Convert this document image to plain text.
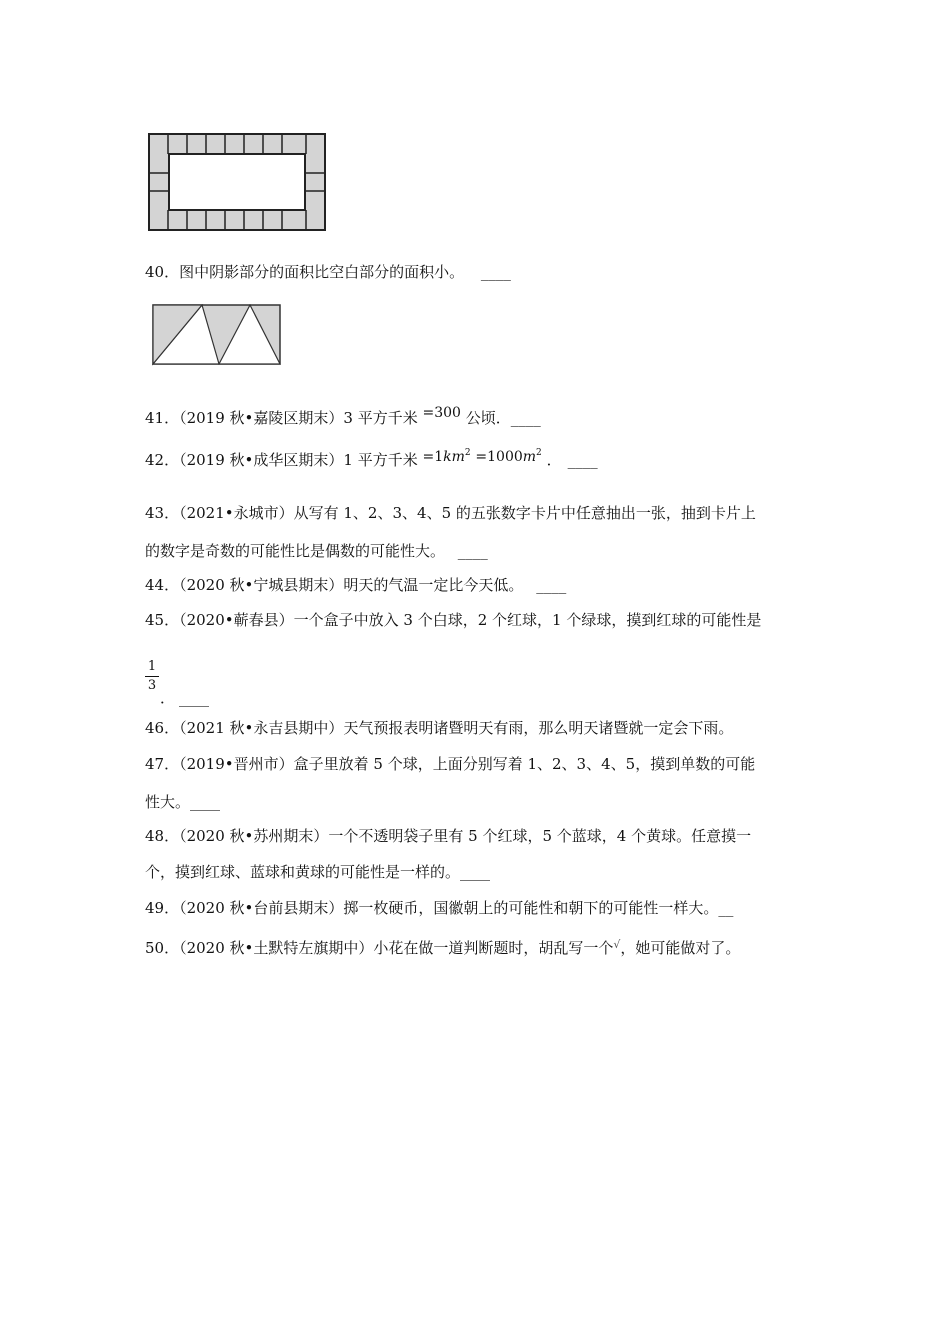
40．图中阴影部分的面积比空白部分的面积小。 ____
41．（2019 秋•嘉陵区期末）3 平方千米 =300 公顷．____
42．（2019 秋•成华区期末）1 平方千米 $=1km^2 =1000m^2$ ． ____
43．（2021•永城市）从写有 1、2、3、4、5 的五张数字卡片中任意抽出一张，抽到卡片上
的数字是奇数的可能性比是偶数的可能性大。 ____
44．（2020 秋•宁城县期末）明天的气温一定比今天低。 ____
45．（2020•蕲春县）一个盒子中放入 3 个白球，2 个红球，1 个绿球，摸到红球的可能性是
1
3
． ____
46．（2021 秋•永吉县期中）天气预报表明诸暨明天有雨，那么明天诸暨就一定会下雨。
47．（2019•晋州市）盒子里放着 5 个球，上面分别写着 1、2、3、4、5，摸到单数的可能
性大。____
48．（2020 秋•苏州期末）一个不透明袋子里有 5 个红球，5 个蓝球，4 个黄球。任意摸一
个，摸到红球、蓝球和黄球的可能性是一样的。____
49．（2020 秋•台前县期末）掷一枚硬币，国徽朝上的可能性和朝下的可能性一样大。__
50．（2020 秋•土默特左旗期中）小花在做一道判断题时，胡乱写一个√，她可能做对了。
